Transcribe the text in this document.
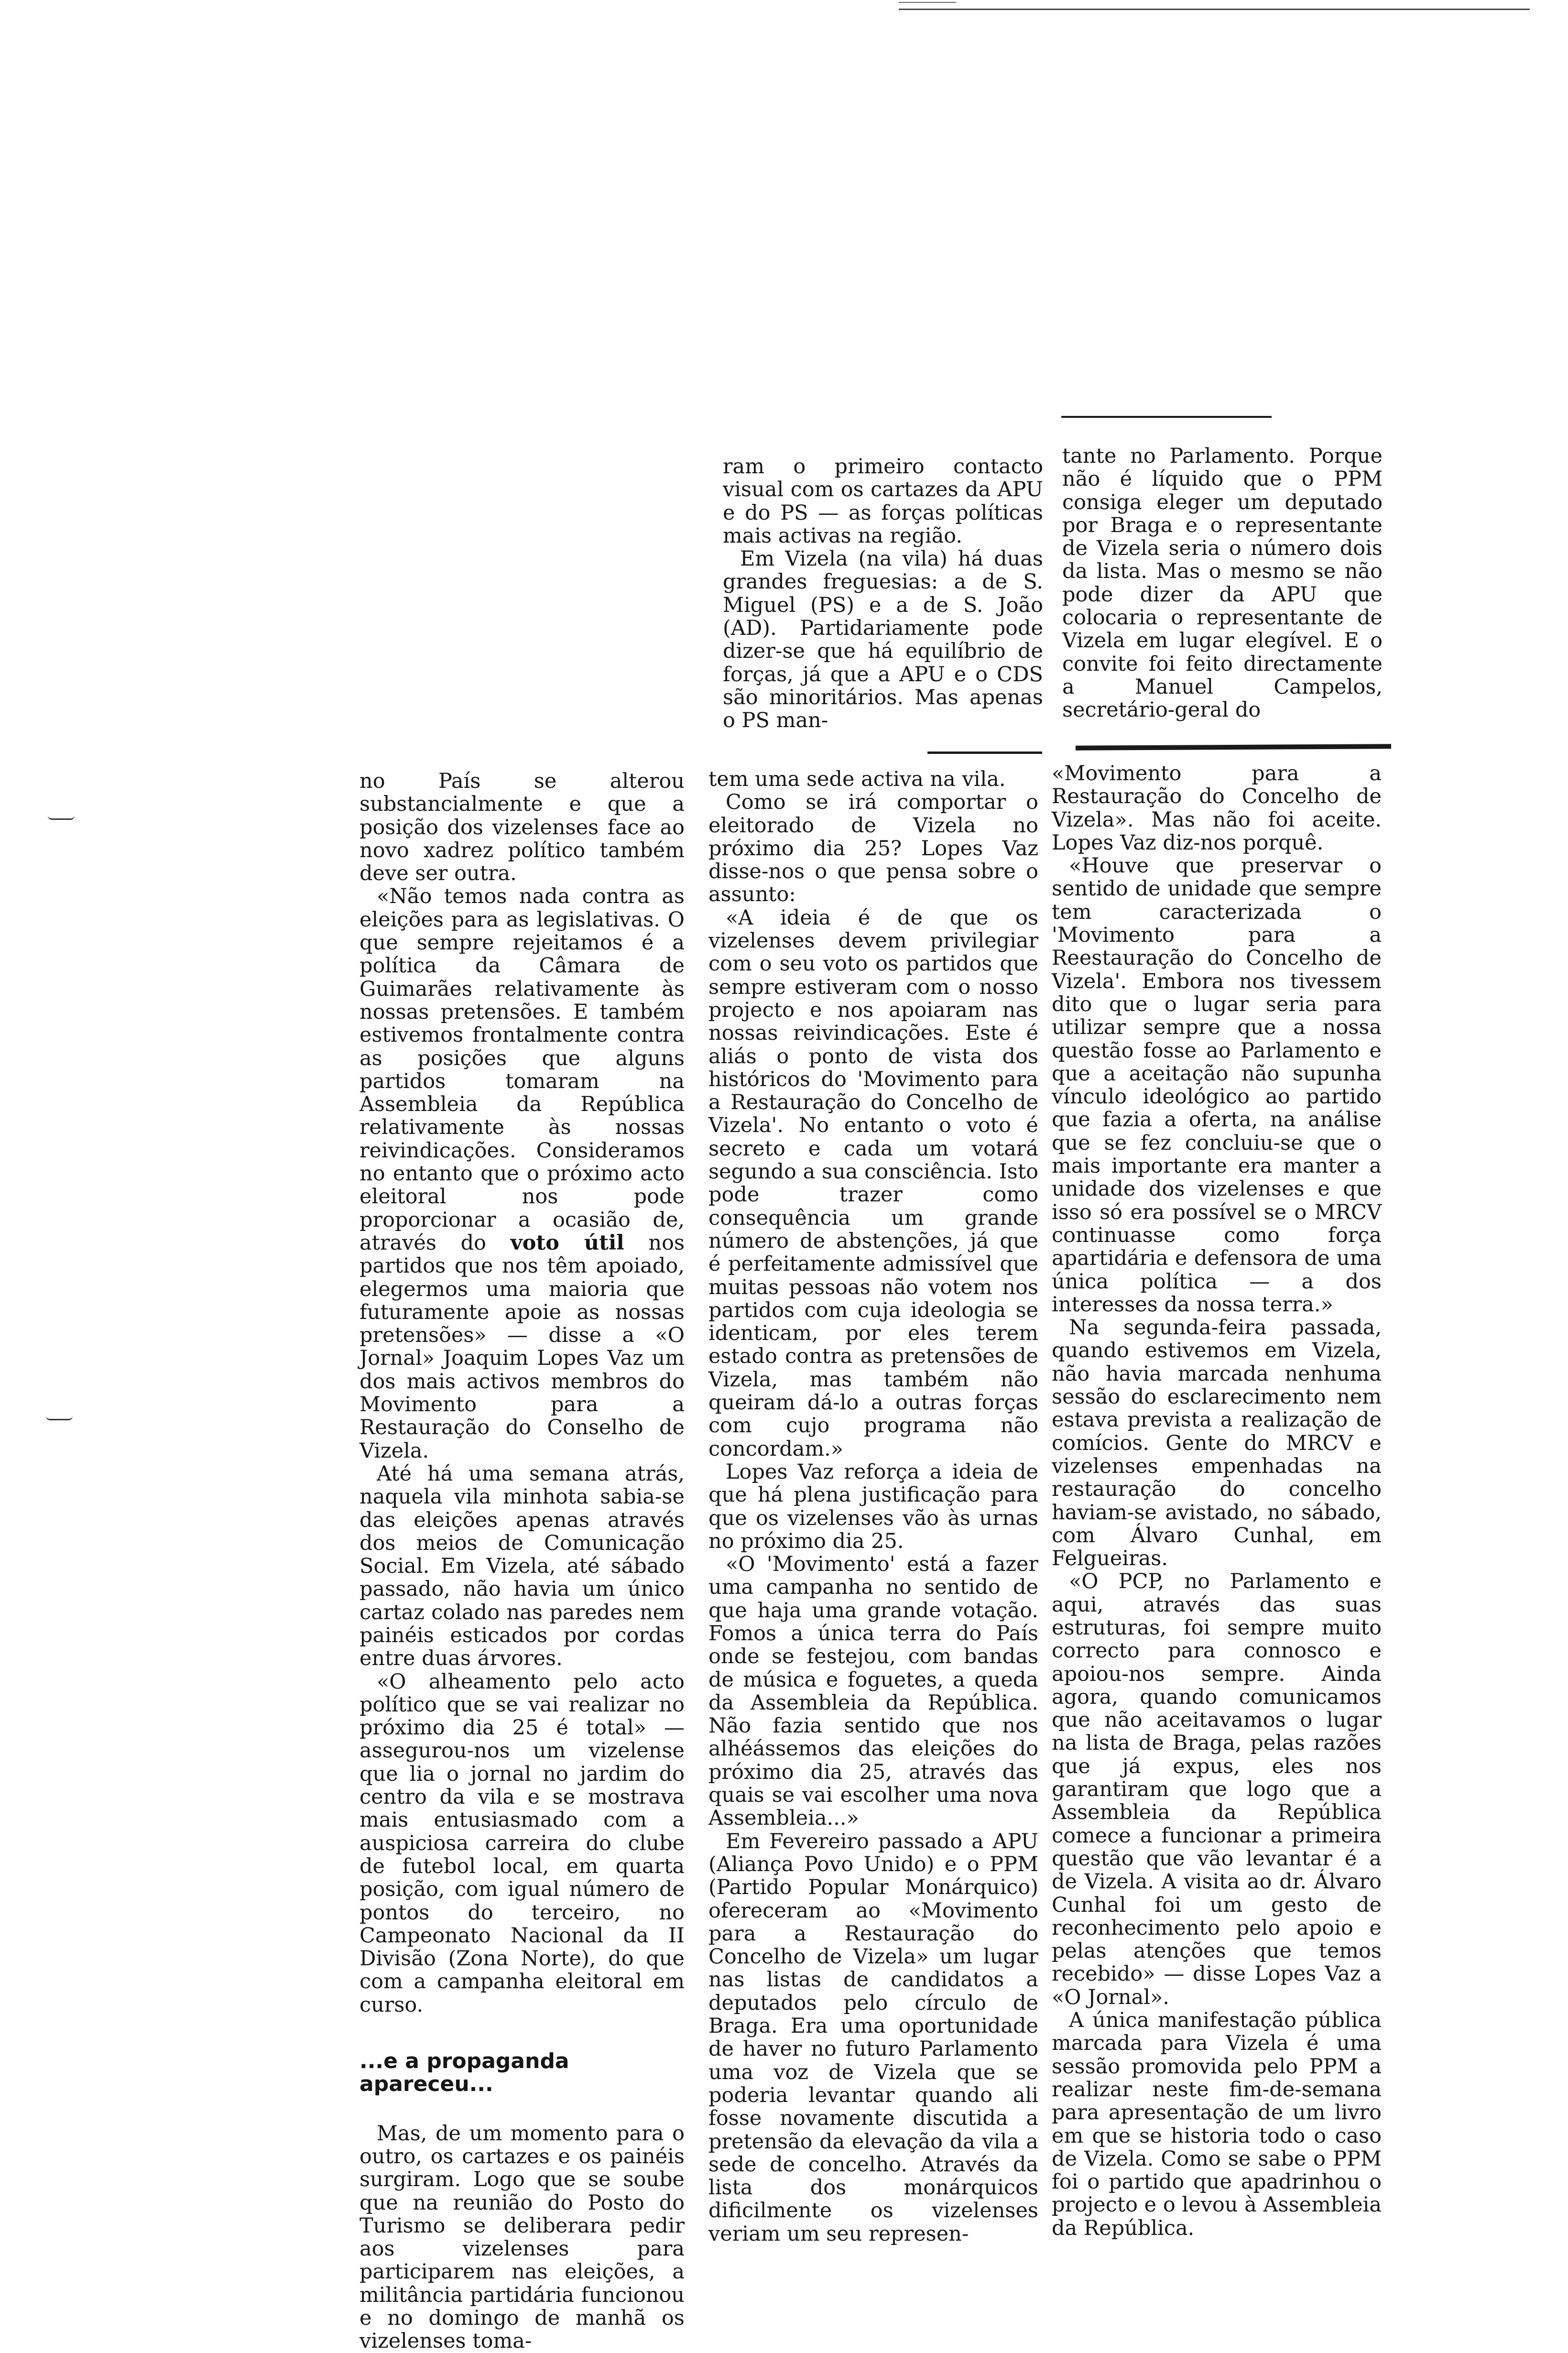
ram o primeiro contacto visual com os cartazes da APU e do PS — as forças políticas mais activas na região.

Em Vizela (na vila) há duas grandes freguesias: a de S. Miguel (PS) e a de S. João (AD). Partidariamente pode dizer-se que há equilíbrio de forças, já que a APU e o CDS são minoritários. Mas apenas o PS man-

tante no Parlamento. Porque não é líquido que o PPM consiga eleger um deputado por Braga e o representante de Vizela seria o número dois da lista. Mas o mesmo se não pode dizer da APU que colocaria o representante de Vizela em lugar elegível. E o convite foi feito directamente a Manuel Campelos, secretário-geral do

no País se alterou substancialmente e que a posição dos vizelenses face ao novo xadrez político também deve ser outra.

«Não temos nada contra as eleições para as legislativas. O que sempre rejeitamos é a política da Câmara de Guimarães relativamente às nossas pretensões. E também estivemos frontalmente contra as posições que alguns partidos tomaram na Assembleia da República relativamente às nossas reivindicações. Consideramos no entanto que o próximo acto eleitoral nos pode proporcionar a ocasião de, através do voto útil nos partidos que nos têm apoiado, elegermos uma maioria que futuramente apoie as nossas pretensões» — disse a «O Jornal» Joaquim Lopes Vaz um dos mais activos membros do Movimento para a Restauração do Conselho de Vizela.

Até há uma semana atrás, naquela vila minhota sabia-se das eleições apenas através dos meios de Comunicação Social. Em Vizela, até sábado passado, não havia um único cartaz colado nas paredes nem painéis esticados por cordas entre duas árvores.

«O alheamento pelo acto político que se vai realizar no próximo dia 25 é total» — assegurou-nos um vizelense que lia o jornal no jardim do centro da vila e se mostrava mais entusiasmado com a auspiciosa carreira do clube de futebol local, em quarta posição, com igual número de pontos do terceiro, no Campeonato Nacional da II Divisão (Zona Norte), do que com a campanha eleitoral em curso.

...e a propaganda apareceu...

Mas, de um momento para o outro, os cartazes e os painéis surgiram. Logo que se soube que na reunião do Posto do Turismo se deliberara pedir aos vizelenses para participarem nas eleições, a militância partidária funcionou e no domingo de manhã os vizelenses toma-

tem uma sede activa na vila.

Como se irá comportar o eleitorado de Vizela no próximo dia 25? Lopes Vaz disse-nos o que pensa sobre o assunto:

«A ideia é de que os vizelenses devem privilegiar com o seu voto os partidos que sempre estiveram com o nosso projecto e nos apoiaram nas nossas reivindicações. Este é aliás o ponto de vista dos históricos do 'Movimento para a Restauração do Concelho de Vizela'. No entanto o voto é secreto e cada um votará segundo a sua consciência. Isto pode trazer como consequência um grande número de abstenções, já que é perfeitamente admissível que muitas pessoas não votem nos partidos com cuja ideologia se identicam, por eles terem estado contra as pretensões de Vizela, mas também não queiram dá-lo a outras forças com cujo programa não concordam.»

Lopes Vaz reforça a ideia de que há plena justificação para que os vizelenses vão às urnas no próximo dia 25.

«O 'Movimento' está a fazer uma campanha no sentido de que haja uma grande votação. Fomos a única terra do País onde se festejou, com bandas de música e foguetes, a queda da Assembleia da República. Não fazia sentido que nos alhéássemos das eleições do próximo dia 25, através das quais se vai escolher uma nova Assembleia...»

Em Fevereiro passado a APU (Aliança Povo Unido) e o PPM (Partido Popular Monárquico) ofereceram ao «Movimento para a Restauração do Concelho de Vizela» um lugar nas listas de candidatos a deputados pelo círculo de Braga. Era uma oportunidade de haver no futuro Parlamento uma voz de Vizela que se poderia levantar quando ali fosse novamente discutida a pretensão da elevação da vila a sede de concelho. Através da lista dos monárquicos dificilmente os vizelenses veriam um seu represen-

«Movimento para a Restauração do Concelho de Vizela». Mas não foi aceite. Lopes Vaz diz-nos porquê.

«Houve que preservar o sentido de unidade que sempre tem caracterizada o 'Movimento para a Reestauração do Concelho de Vizela'. Embora nos tivessem dito que o lugar seria para utilizar sempre que a nossa questão fosse ao Parlamento e que a aceitação não supunha vínculo ideológico ao partido que fazia a oferta, na análise que se fez concluiu-se que o mais importante era manter a unidade dos vizelenses e que isso só era possível se o MRCV continuasse como força apartidária e defensora de uma única política — a dos interesses da nossa terra.»

Na segunda-feira passada, quando estivemos em Vizela, não havia marcada nenhuma sessão do esclarecimento nem estava prevista a realização de comícios. Gente do MRCV e vizelenses empenhadas na restauração do concelho haviam-se avistado, no sábado, com Álvaro Cunhal, em Felgueiras.

«O PCP, no Parlamento e aqui, através das suas estruturas, foi sempre muito correcto para connosco e apoiou-nos sempre. Ainda agora, quando comunicamos que não aceitavamos o lugar na lista de Braga, pelas razões que já expus, eles nos garantiram que logo que a Assembleia da República comece a funcionar a primeira questão que vão levantar é a de Vizela. A visita ao dr. Álvaro Cunhal foi um gesto de reconhecimento pelo apoio e pelas atenções que temos recebido» — disse Lopes Vaz a «O Jornal».

A única manifestação pública marcada para Vizela é uma sessão promovida pelo PPM a realizar neste fim-de-semana para apresentação de um livro em que se historia todo o caso de Vizela. Como se sabe o PPM foi o partido que apadrinhou o projecto e o levou à Assembleia da República.
